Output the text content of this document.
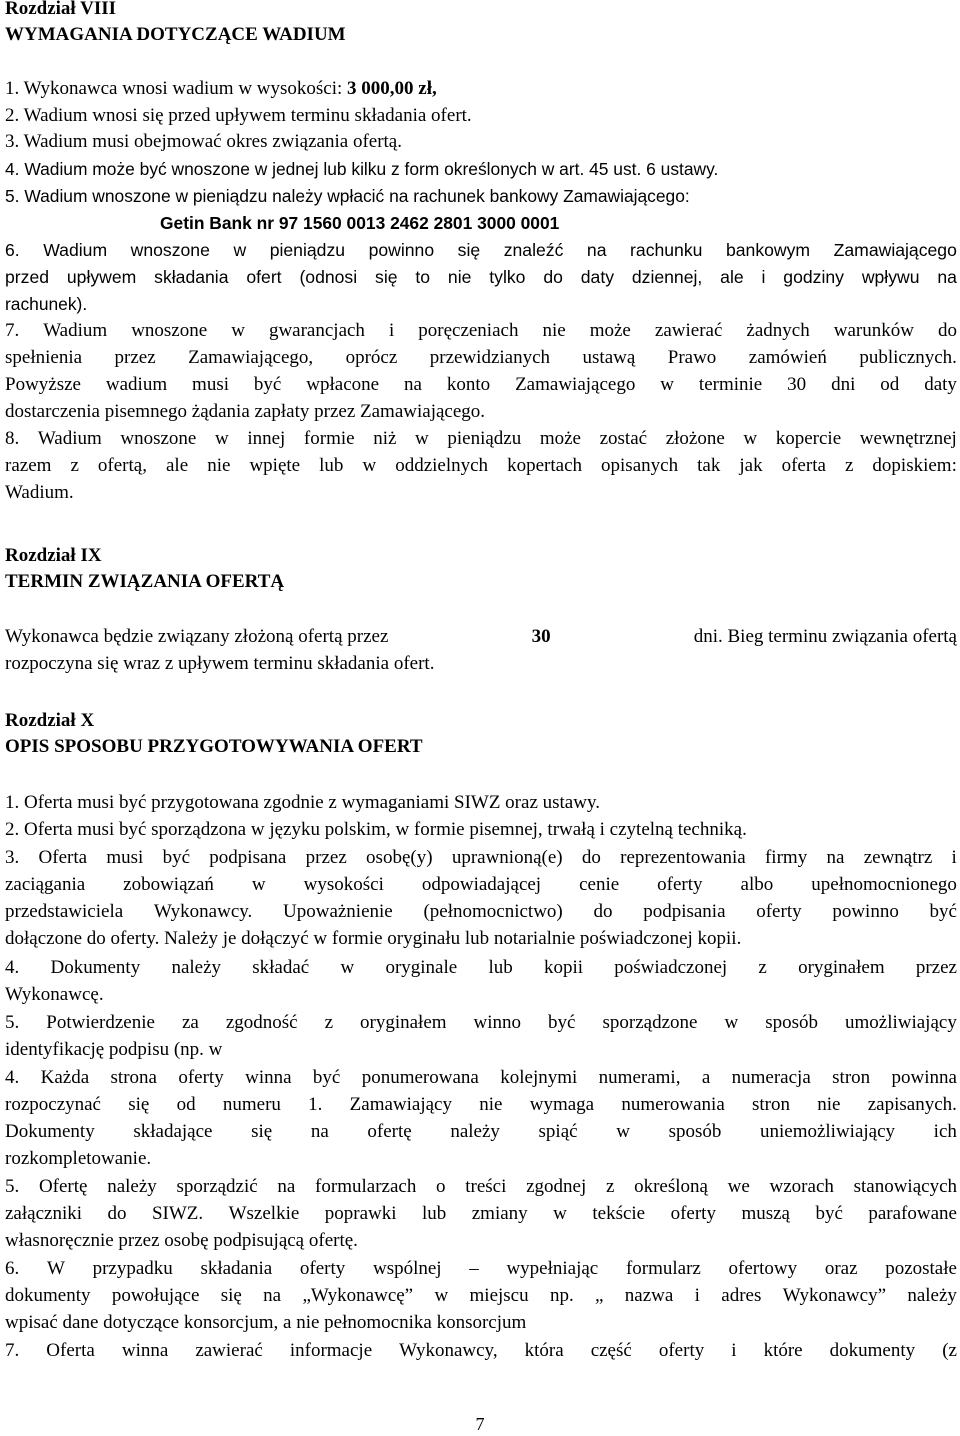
Rozdział VIII
WYMAGANIA DOTYCZĄCE WADIUM
1. Wykonawca wnosi wadium w wysokości: 3 000,00 zł,
2. Wadium wnosi się przed upływem terminu składania ofert.
3. Wadium musi obejmować okres związania ofertą.
4. Wadium może być wnoszone w jednej lub kilku z form określonych w art. 45 ust. 6 ustawy.
5. Wadium wnoszone w pieniądzu należy wpłacić na rachunek bankowy Zamawiającego:
Getin Bank nr 97 1560 0013 2462 2801 3000 0001
6. Wadium wnoszone w pieniądzu powinno się znaleźć na rachunku bankowym Zamawiającego
przed upływem składania ofert (odnosi się to nie tylko do daty dziennej, ale i godziny wpływu na
rachunek).
7. Wadium wnoszone w gwarancjach i poręczeniach nie może zawierać żadnych warunków do
spełnienia przez Zamawiającego, oprócz przewidzianych ustawą Prawo zamówień publicznych.
Powyższe wadium musi być wpłacone na konto Zamawiającego w terminie 30 dni od daty
dostarczenia pisemnego żądania zapłaty przez Zamawiającego.
8. Wadium wnoszone w innej formie niż w pieniądzu może zostać złożone w kopercie wewnętrznej
razem z ofertą, ale nie wpięte lub w oddzielnych kopertach opisanych tak jak oferta z dopiskiem:
Wadium.
Rozdział IX
TERMIN ZWIĄZANIA OFERTĄ
Wykonawca będzie związany złożoną ofertą przez	30	dni. Bieg terminu związania ofertą
rozpoczyna się wraz z upływem terminu składania ofert.
Rozdział X
OPIS SPOSOBU PRZYGOTOWYWANIA OFERT
1. Oferta musi być przygotowana zgodnie z wymaganiami SIWZ oraz ustawy.
2. Oferta musi być sporządzona w języku polskim, w formie pisemnej, trwałą i czytelną techniką.
3. Oferta musi być podpisana przez osobę(y) uprawnioną(e) do reprezentowania firmy na zewnątrz i
zaciągania zobowiązań w wysokości odpowiadającej cenie oferty albo upełnomocnionego
przedstawiciela Wykonawcy. Upoważnienie (pełnomocnictwo) do podpisania oferty powinno być
dołączone do oferty. Należy je dołączyć w formie oryginału lub notarialnie poświadczonej kopii.
4. Dokumenty należy składać w oryginale lub kopii poświadczonej z oryginałem przez
Wykonawcę.
5. Potwierdzenie za zgodność z oryginałem winno być sporządzone w sposób umożliwiający
identyfikację podpisu (np. w
4. Każda strona oferty winna być ponumerowana kolejnymi numerami, a numeracja stron powinna
rozpoczynać się od numeru 1. Zamawiający nie wymaga numerowania stron nie zapisanych.
Dokumenty składające się na ofertę należy spiąć w sposób uniemożliwiający ich
rozkompletowanie.
5. Ofertę należy sporządzić na formularzach o treści zgodnej z określoną we wzorach stanowiących
załączniki do SIWZ. Wszelkie poprawki lub zmiany w tekście oferty muszą być parafowane
własnoręcznie przez osobę podpisującą ofertę.
6. W przypadku składania oferty wspólnej – wypełniając formularz ofertowy oraz pozostałe
dokumenty powołujące się na „Wykonawcę” w miejscu np. „ nazwa i adres Wykonawcy” należy
wpisać dane dotyczące konsorcjum, a nie pełnomocnika konsorcjum
7. Oferta winna zawierać informacje Wykonawcy, która część oferty i które dokumenty (z
7
